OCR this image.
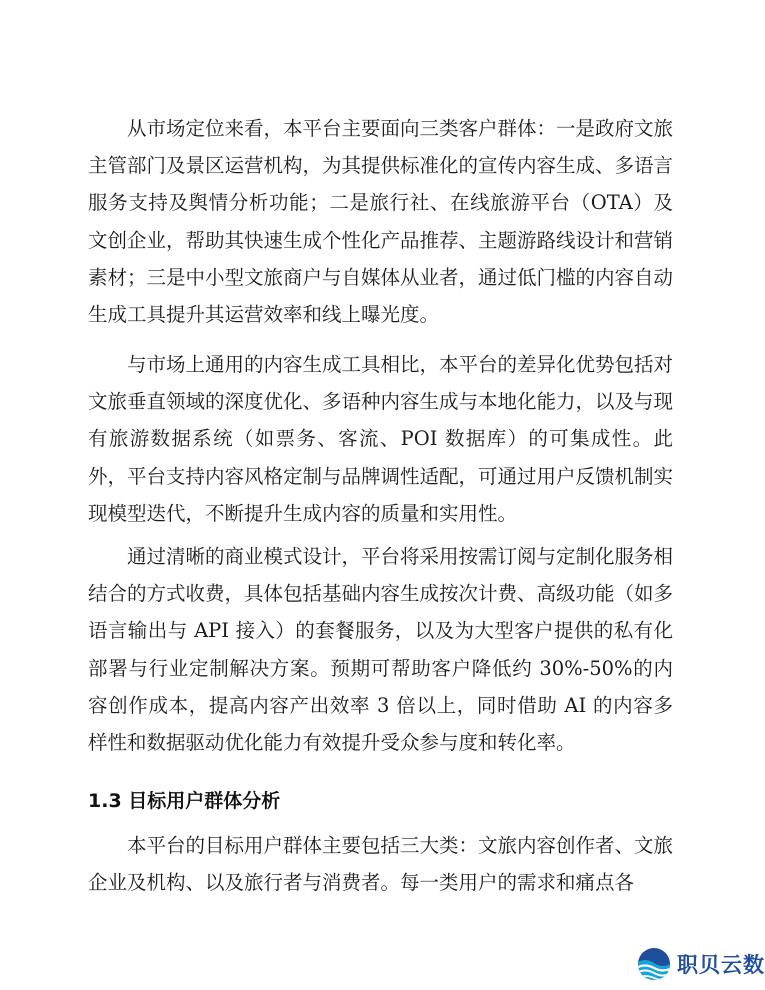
从市场定位来看，本平台主要面向三类客户群体：一是政府文旅主管部门及景区运营机构，为其提供标准化的宣传内容生成、多语言服务支持及舆情分析功能；二是旅行社、在线旅游平台（OTA）及文创企业，帮助其快速生成个性化产品推荐、主题游路线设计和营销素材；三是中小型文旅商户与自媒体从业者，通过低门槛的内容自动生成工具提升其运营效率和线上曝光度。

与市场上通用的内容生成工具相比，本平台的差异化优势包括对文旅垂直领域的深度优化、多语种内容生成与本地化能力，以及与现有旅游数据系统（如票务、客流、POI 数据库）的可集成性。此外，平台支持内容风格定制与品牌调性适配，可通过用户反馈机制实现模型迭代，不断提升生成内容的质量和实用性。

通过清晰的商业模式设计，平台将采用按需订阅与定制化服务相结合的方式收费，具体包括基础内容生成按次计费、高级功能（如多语言输出与 API 接入）的套餐服务，以及为大型客户提供的私有化部署与行业定制解决方案。预期可帮助客户降低约 30%-50%的内容创作成本，提高内容产出效率 3 倍以上，同时借助 AI 的内容多样性和数据驱动优化能力有效提升受众参与度和转化率。

1.3 目标用户群体分析

本平台的目标用户群体主要包括三大类：文旅内容创作者、文旅企业及机构、以及旅行者与消费者。每一类用户的需求和痛点各

职贝云数
